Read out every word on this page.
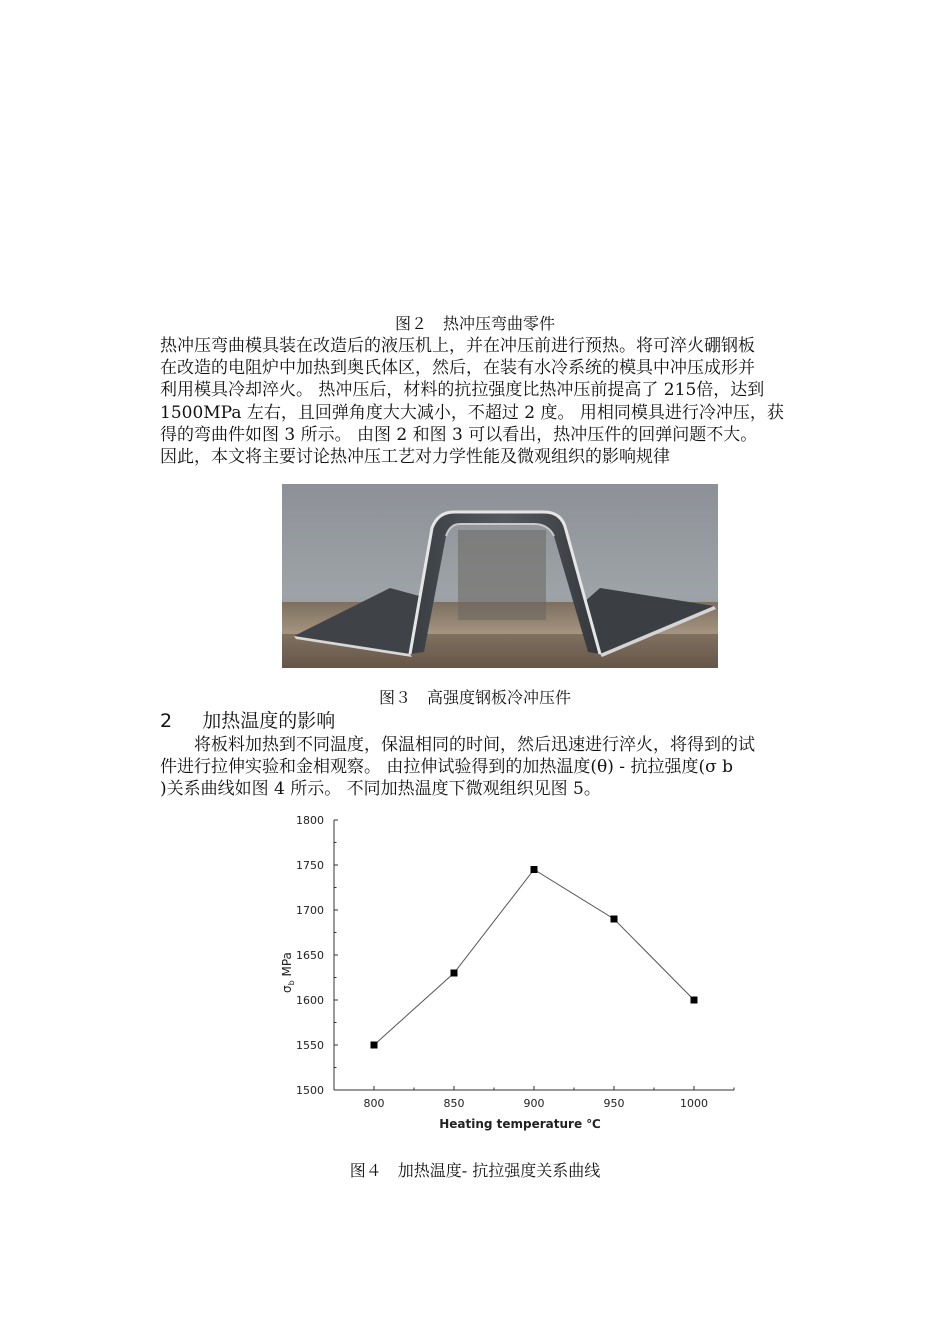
图２　热冲压弯曲零件
热冲压弯曲模具装在改造后的液压机上，并在冲压前进行预热。将可淬火硼钢板
在改造的电阻炉中加热到奥氏体区，然后，在装有水冷系统的模具中冲压成形并
利用模具冷却淬火。 热冲压后，材料的抗拉强度比热冲压前提高了 215倍，达到
1500MPa 左右，且回弹角度大大减小，不超过 2 度。 用相同模具进行冷冲压，获
得的弯曲件如图 3 所示。 由图 2 和图 3 可以看出，热冲压件的回弹问题不大。
因此，本文将主要讨论热冲压工艺对力学性能及微观组织的影响规律
图３　高强度钢板冷冲压件
2 加热温度的影响
将板料加热到不同温度，保温相同的时间，然后迅速进行淬火，将得到的试
件进行拉伸实验和金相观察。 由拉伸试验得到的加热温度(θ) - 抗拉强度(σ b
)关系曲线如图 4 所示。 不同加热温度下微观组织见图 5。
1500
1550
1600
1650
1700
1750
1800
800	850	900	950	1000
Heating temperature ℃
$\sigma_b$ MPa
图４　加热温度- 抗拉强度关系曲线
